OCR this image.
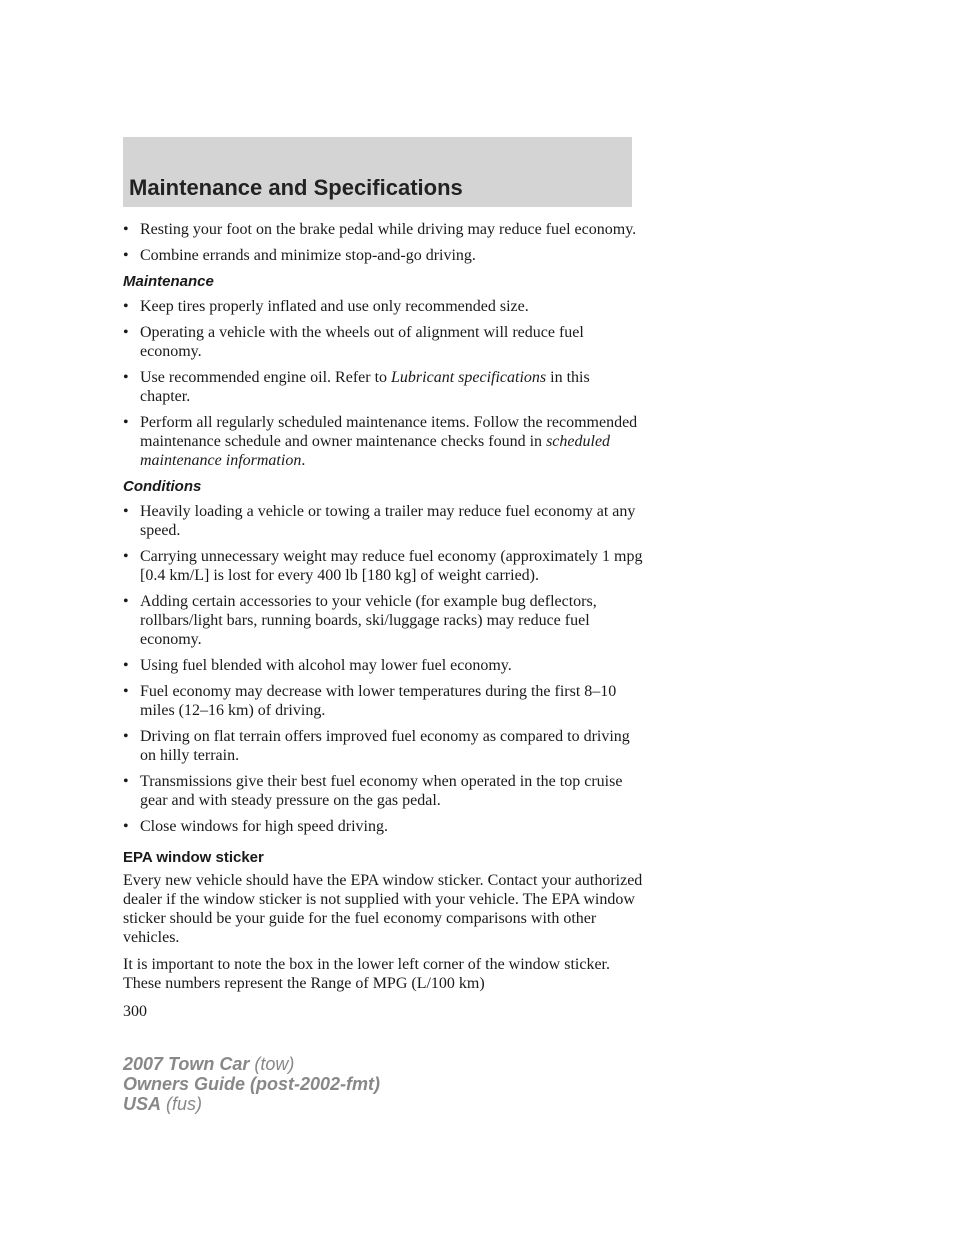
Maintenance and Specifications
• Resting your foot on the brake pedal while driving may reduce fuel economy.
• Combine errands and minimize stop-and-go driving.
Maintenance
• Keep tires properly inflated and use only recommended size.
• Operating a vehicle with the wheels out of alignment will reduce fuel economy.
• Use recommended engine oil. Refer to Lubricant specifications in this chapter.
• Perform all regularly scheduled maintenance items. Follow the recommended maintenance schedule and owner maintenance checks found in scheduled maintenance information.
Conditions
• Heavily loading a vehicle or towing a trailer may reduce fuel economy at any speed.
• Carrying unnecessary weight may reduce fuel economy (approximately 1 mpg [0.4 km/L] is lost for every 400 lb [180 kg] of weight carried).
• Adding certain accessories to your vehicle (for example bug deflectors, rollbars/light bars, running boards, ski/luggage racks) may reduce fuel economy.
• Using fuel blended with alcohol may lower fuel economy.
• Fuel economy may decrease with lower temperatures during the first 8–10 miles (12–16 km) of driving.
• Driving on flat terrain offers improved fuel economy as compared to driving on hilly terrain.
• Transmissions give their best fuel economy when operated in the top cruise gear and with steady pressure on the gas pedal.
• Close windows for high speed driving.
EPA window sticker

Every new vehicle should have the EPA window sticker. Contact your authorized dealer if the window sticker is not supplied with your vehicle. The EPA window sticker should be your guide for the fuel economy comparisons with other vehicles.

It is important to note the box in the lower left corner of the window sticker. These numbers represent the Range of MPG (L/100 km)

300
2007 Town Car (tow)
Owners Guide (post-2002-fmt)
USA (fus)
